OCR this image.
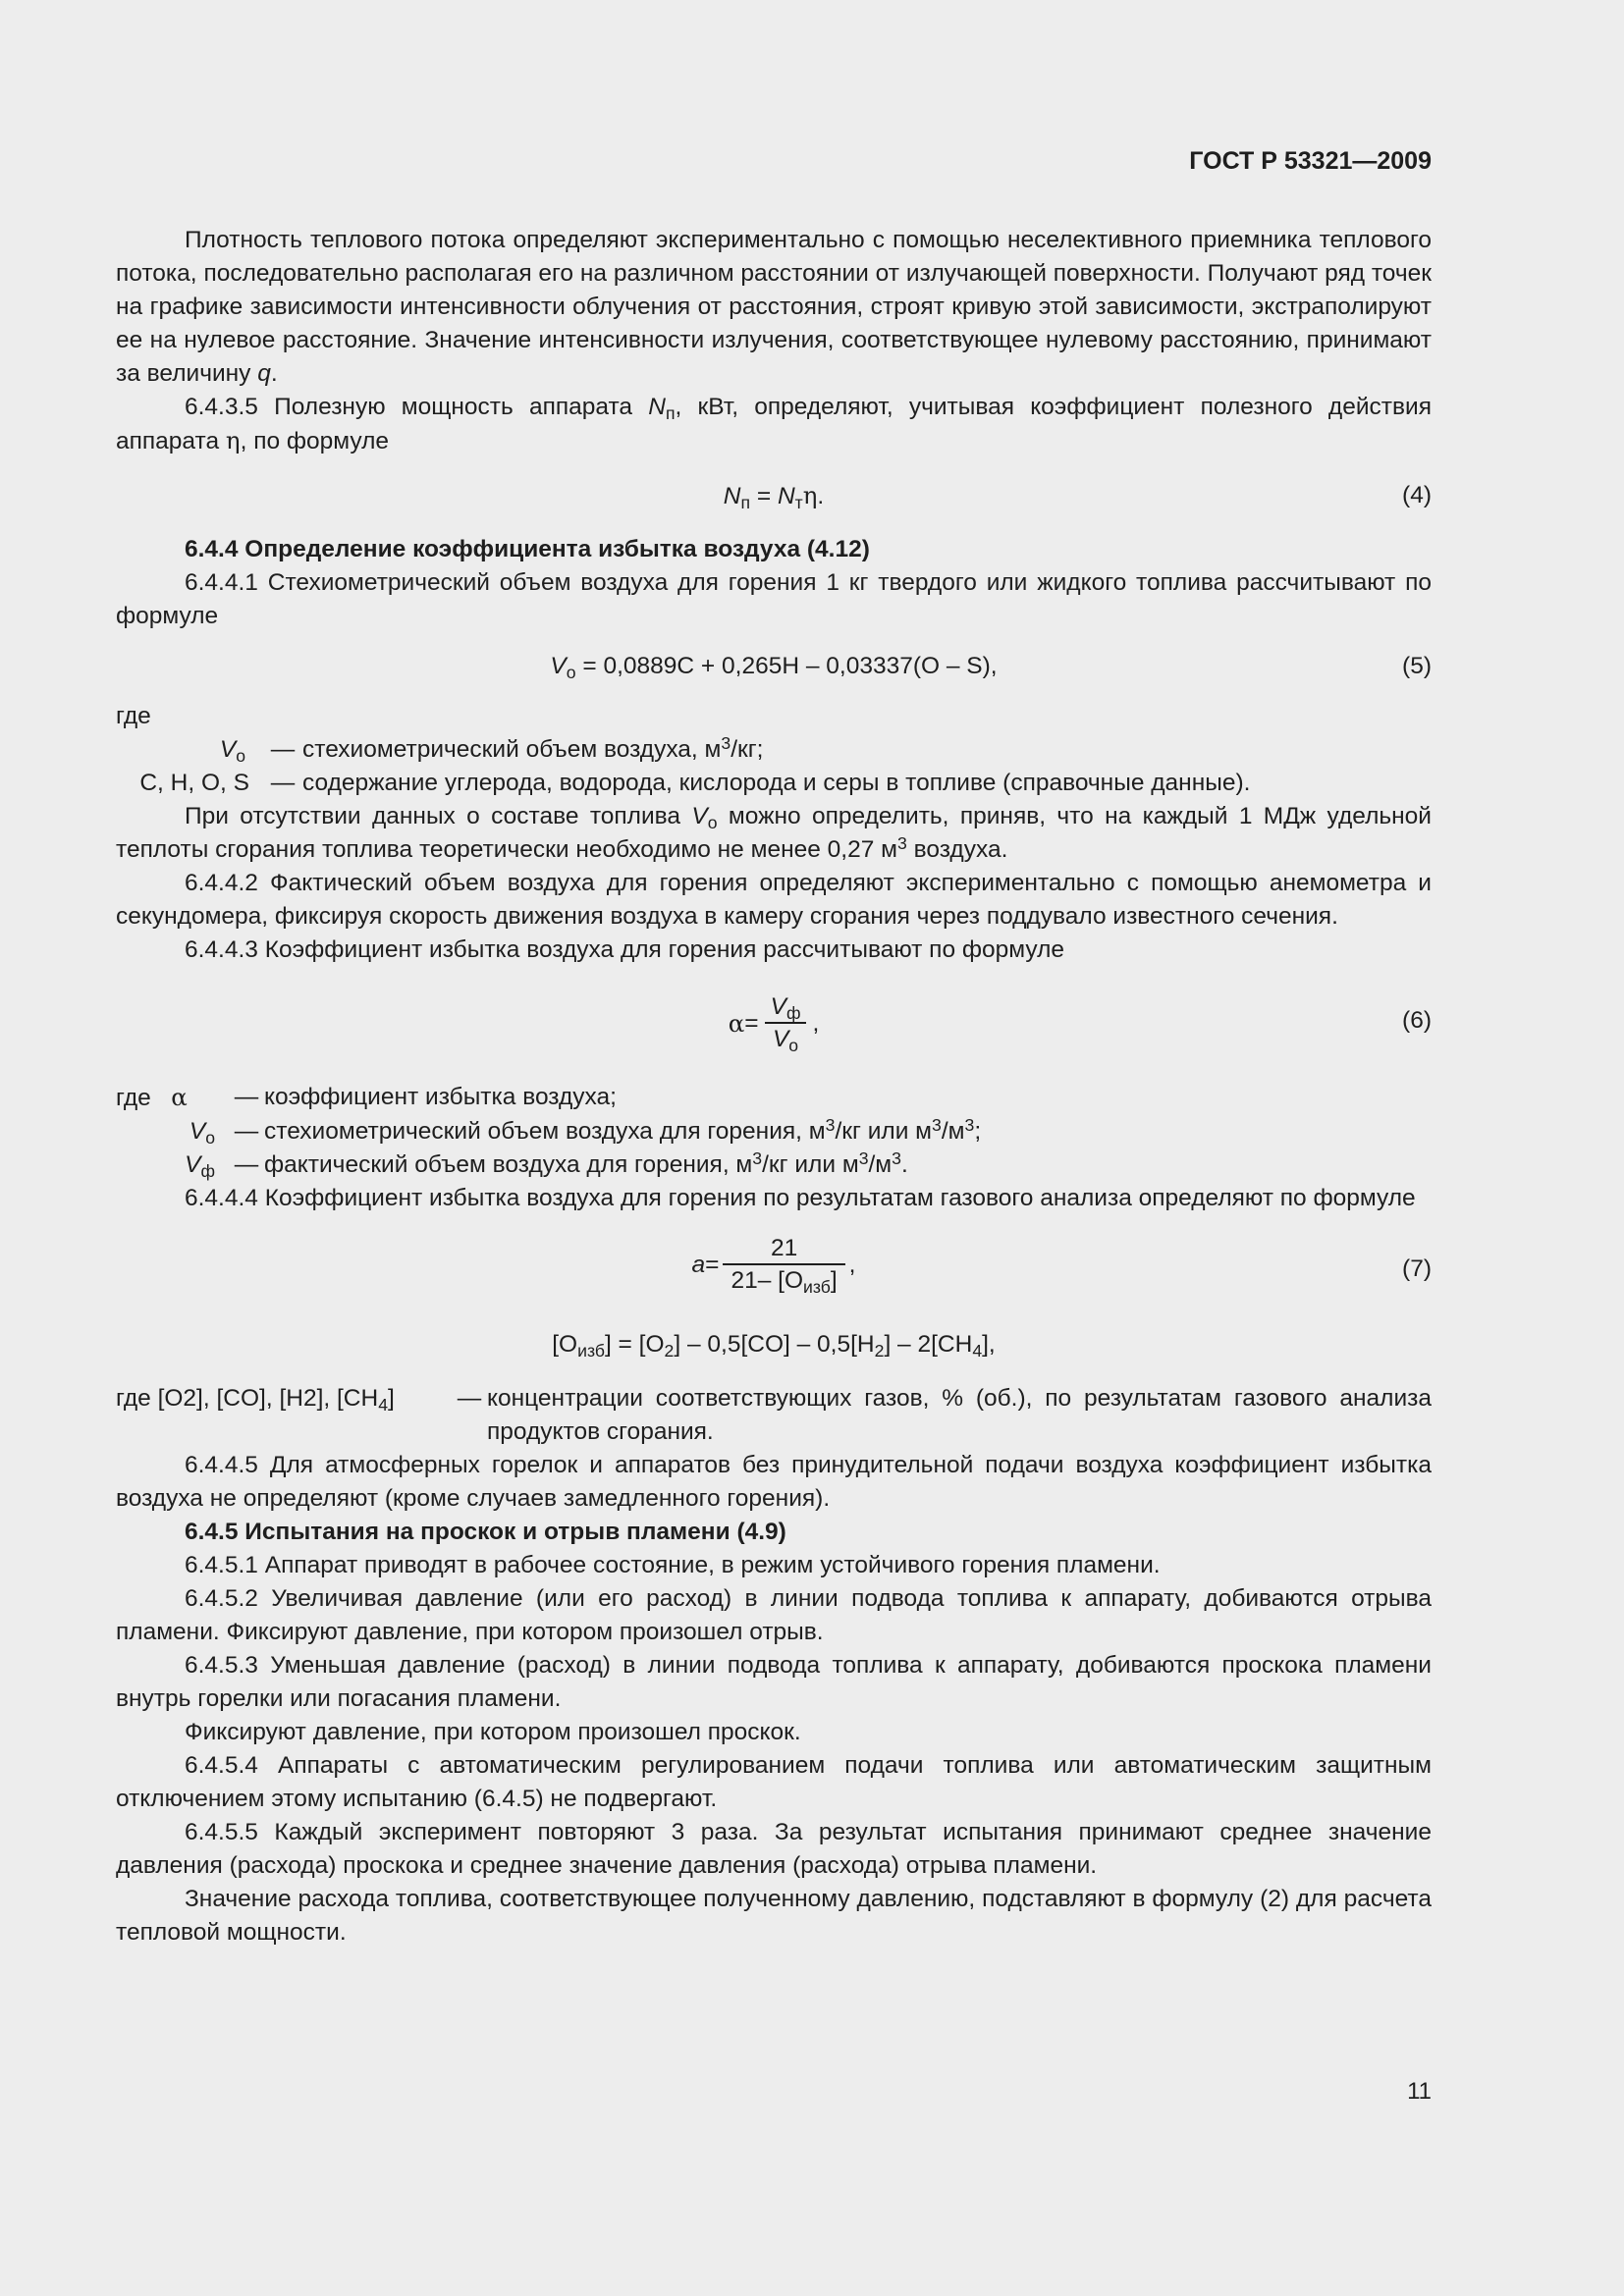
ГОСТ Р 53321—2009

Плотность теплового потока определяют экспериментально с помощью неселективного приемника теплового потока, последовательно располагая его на различном расстоянии от излучающей поверхности. Получают ряд точек на графике зависимости интенсивности облучения от расстояния, строят кривую этой зависимости, экстраполируют ее на нулевое расстояние. Значение интенсивности излучения, соответствующее нулевому расстоянию, принимают за величину q.

6.4.3.5 Полезную мощность аппарата $N_п$, кВт, определяют, учитывая коэффициент полезного действия аппарата η, по формуле

$N_п = N_т\eta$.	(4)

6.4.4 Определение коэффициента избытка воздуха (4.12)

6.4.4.1 Стехиометрический объем воздуха для горения 1 кг твердого или жидкого топлива рассчитывают по формуле

$V_о = 0,0889C + 0,265H - 0,03337(O - S)$,	(5)
где
$V_о$	— стехиометрический объем воздуха, $м^3/кг$;
C, H, O, S — содержание углерода, водорода, кислорода и серы в топливе (справочные данные).

При отсутствии данных о составе топлива $V_о$ можно определить, приняв, что на каждый 1 МДж удельной теплоты сгорания топлива теоретически необходимо не менее 0,27 $м^3$ воздуха.

6.4.4.2 Фактический объем воздуха для горения определяют экспериментально с помощью анемометра и секундомера, фиксируя скорость движения воздуха в камеру сгорания через поддувало известного сечения.

6.4.4.3 Коэффициент избытка воздуха для горения рассчитывают по формуле

$\alpha = \frac{V_ф}{V_о}$ ,	(6)
где α	— коэффициент избытка воздуха;
$V_о$ — стехиометрический объем воздуха для горения, $м^3/кг$ или $м^3/м^3$;
$V_ф$ — фактический объем воздуха для горения, $м^3/кг$ или $м^3/м^3$.

6.4.4.4 Коэффициент избытка воздуха для горения по результатам газового анализа определяют по формуле

$a = \frac{21}{21- [O_{изб}]}$ ,	(7)
$[O_{изб}] = [O_2] - 0,5[CO] - 0,5[H_2] - 2[CH_4]$,
где [O2], [CO], [H2], $[CH_4]$	— концентрации соответствующих газов, % (об.), по результатам газового анализа продуктов сгорания.

6.4.4.5 Для атмосферных горелок и аппаратов без принудительной подачи воздуха коэффициент избытка воздуха не определяют (кроме случаев замедленного горения).

6.4.5 Испытания на проскок и отрыв пламени (4.9)

6.4.5.1 Аппарат приводят в рабочее состояние, в режим устойчивого горения пламени.

6.4.5.2 Увеличивая давление (или его расход) в линии подвода топлива к аппарату, добиваются отрыва пламени. Фиксируют давление, при котором произошел отрыв.

6.4.5.3 Уменьшая давление (расход) в линии подвода топлива к аппарату, добиваются проскока пламени внутрь горелки или погасания пламени.

Фиксируют давление, при котором произошел проскок.

6.4.5.4 Аппараты с автоматическим регулированием подачи топлива или автоматическим защитным отключением этому испытанию (6.4.5) не подвергают.

6.4.5.5 Каждый эксперимент повторяют 3 раза. За результат испытания принимают среднее значение давления (расхода) проскока и среднее значение давления (расхода) отрыва пламени.

Значение расхода топлива, соответствующее полученному давлению, подставляют в формулу (2) для расчета тепловой мощности.

11
